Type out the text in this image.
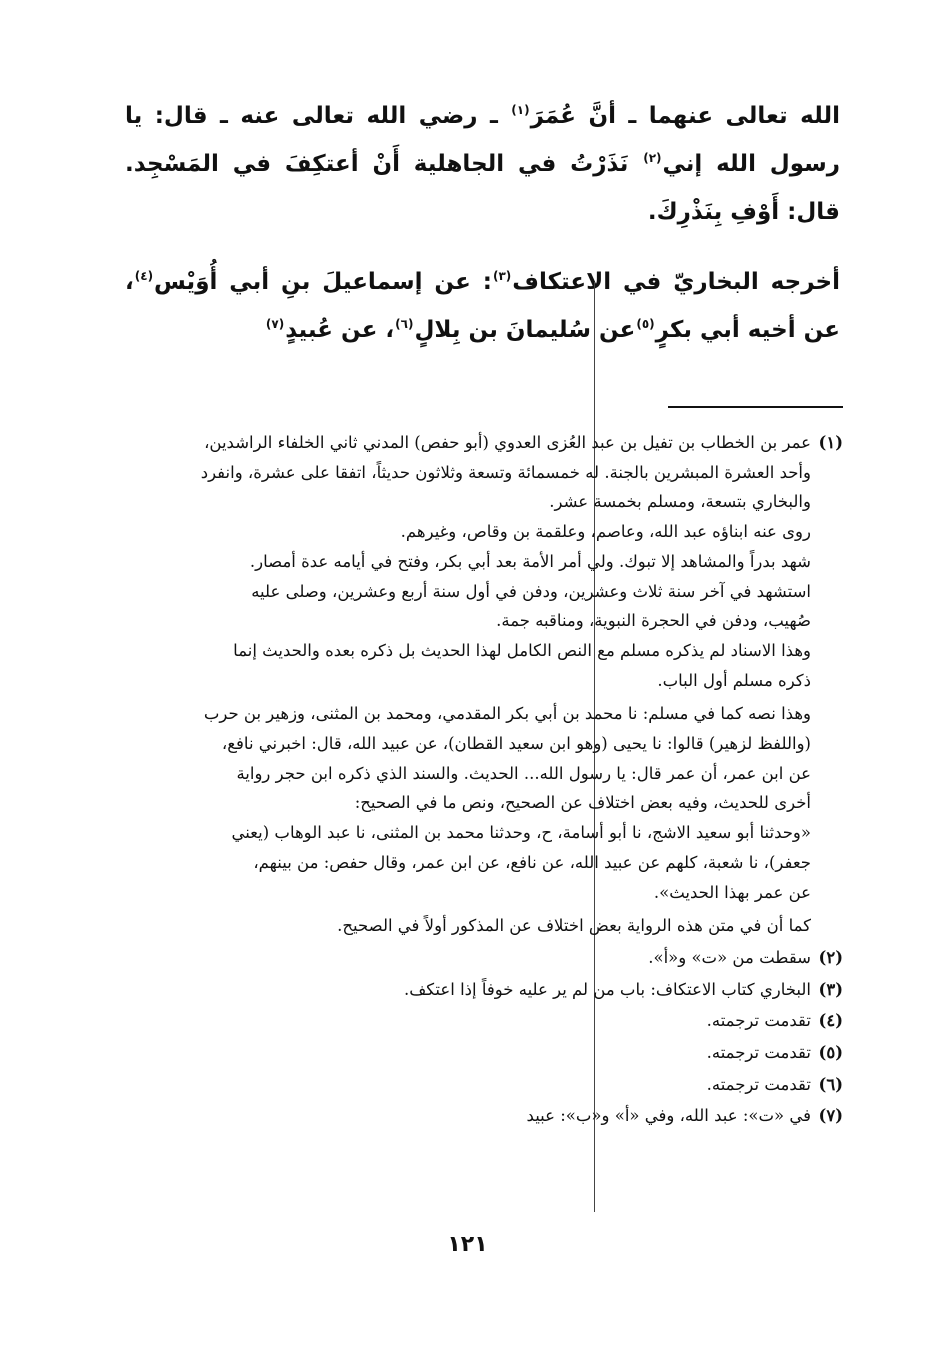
الله تعالى عنهما ـ أنَّ عُمَرَ$^{(١)}$ ـ رضي الله تعالى عنه ـ قال: يا رسول الله إني$^{(٢)}$ نَذَرْتُ في الجاهلية أَنْ أعتكِفَ في المَسْجِد. قال: أَوْفِ بِنَذْرِكَ.

أخرجه البخاريّ في الاعتكاف$^{(٣)}$: عن إسماعيلَ بنِ أبي أُوَيْس$^{(٤)}$، عن أخيه أبي بكرٍ$^{(٥)}$عن سُليمانَ بن بِلالٍ$^{(٦)}$، عن عُبيدٍ$^{(٧)}$

(١)
عمر بن الخطاب بن تفيل بن عبد العُزى العدوي (أبو حفص) المدني ثاني الخلفاء الراشدين،
وأحد العشرة المبشرين بالجنة. له خمسمائة وتسعة وثلاثون حديثاً، اتفقا على عشرة، وانفرد
والبخاري بتسعة، ومسلم بخمسة عشر.
روى عنه ابناؤه عبد الله، وعاصم، وعلقمة بن وقاص، وغيرهم.
شهد بدراً والمشاهد إلا تبوك. ولي أمر الأمة بعد أبي بكر، وفتح في أيامه عدة أمصار.
استشهد في آخر سنة ثلاث وعشرين، ودفن في أول سنة أربع وعشرين، وصلى عليه
صُهيب، ودفن في الحجرة النبوية، ومناقبه جمة.
وهذا الاسناد لم يذكره مسلم مع النص الكامل لهذا الحديث بل ذكره بعده والحديث إنما
ذكره مسلم أول الباب.
وهذا نصه كما في مسلم: نا محمد بن أبي بكر المقدمي، ومحمد بن المثنى، وزهير بن حرب
(واللفظ لزهير) قالوا: نا يحيى (وهو ابن سعيد القطان)، عن عبيد الله، قال: اخبرني نافع،
عن ابن عمر، أن عمر قال: يا رسول الله... الحديث. والسند الذي ذكره ابن حجر رواية
أخرى للحديث، وفيه بعض اختلاف عن الصحيح، ونص ما في الصحيح:
«وحدثنا أبو سعيد الاشج، نا أبو أسامة، ح، وحدثنا محمد بن المثنى، نا عبد الوهاب (يعني
جعفر)، نا شعبة، كلهم عن عبيد الله، عن نافع، عن ابن عمر، وقال حفص: من بينهم،
عن عمر بهذا الحديث».
كما أن في متن هذه الرواية بعض اختلاف عن المذكور أولاً في الصحيح.
(٢)
سقطت من «ت» و«أ».
(٣)
البخاري كتاب الاعتكاف: باب من لم ير عليه خوفاً إذا اعتكف.
(٤)
تقدمت ترجمته.
(٥)
تقدمت ترجمته.
(٦)
تقدمت ترجمته.
(٧)
في «ت»: عبد الله، وفي «أ» و«ب»: عبيد
١٢١
